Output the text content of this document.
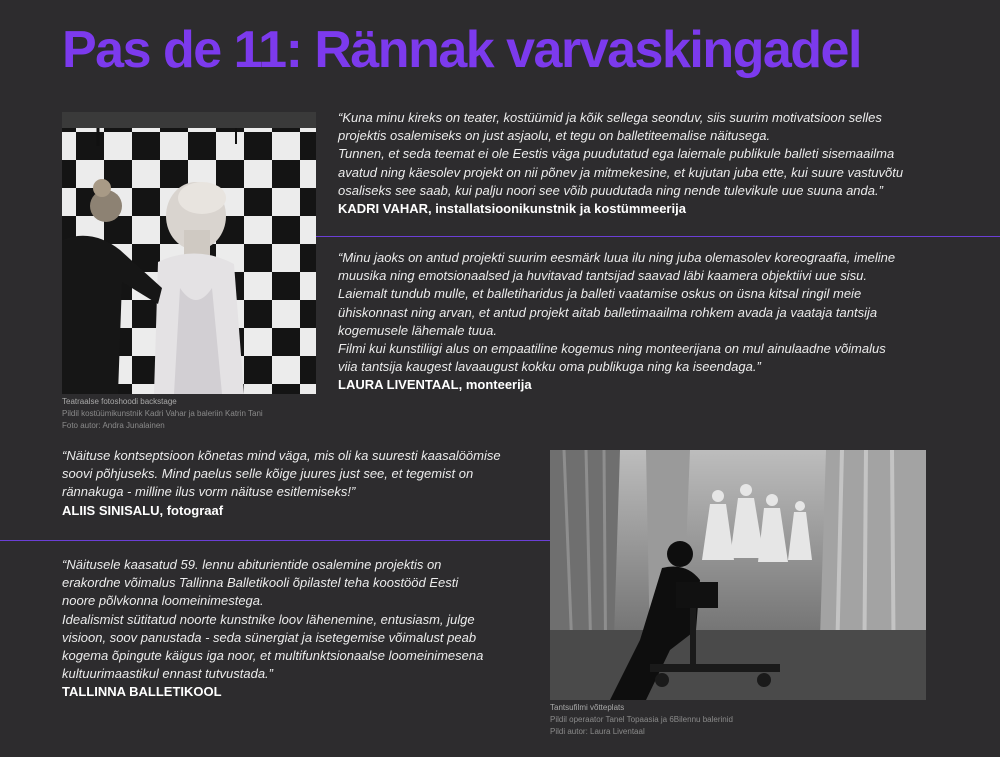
Pas de 11: Rännak varvaskingadel
Teatraalse fotoshoodi backstage
Pildil kostüümikunstnik Kadri Vahar ja baleriin Katrin Tani
Foto autor: Andra Junalainen
“Kuna minu kireks on teater, kostüümid ja kõik sellega seonduv, siis suurim motivatsioon selles
projektis osalemiseks on just asjaolu, et tegu on balletiteemalise näitusega.
Tunnen, et seda teemat ei ole Eestis väga puudutatud ega laiemale publikule balleti sisemaailma
avatud ning käesolev projekt on nii põnev ja mitmekesine, et kujutan juba ette, kui suure vastuvõtu
osaliseks see saab, kui palju noori see võib puudutada ning nende tulevikule uue suuna anda.”
KADRI VAHAR, installatsioonikunstnik ja kostümmeerija
“Minu jaoks on antud projekti suurim eesmärk luua ilu ning juba olemasolev koreograafia, imeline
muusika ning emotsionaalsed ja huvitavad tantsijad saavad läbi kaamera objektiivi uue sisu.
Laiemalt tundub mulle, et balletiharidus ja balleti vaatamise oskus on üsna kitsal ringil meie
ühiskonnast ning arvan, et antud projekt aitab balletimaailma rohkem avada ja vaataja tantsija
kogemusele lähemale tuua.
Filmi kui kunstiliigi alus on empaatiline kogemus ning monteerijana on mul ainulaadne võimalus
viia tantsija kaugest lavaaugust kokku oma publikuga ning ka iseendaga.”
LAURA LIVENTAAL, monteerija
“Näituse kontseptsioon kõnetas mind väga, mis oli ka suuresti kaasalöömise
soovi põhjuseks. Mind paelus selle kõige juures just see, et tegemist on
rännakuga - milline ilus vorm näituse esitlemiseks!”
ALIIS SINISALU, fotograaf
“Näitusele kaasatud 59. lennu abiturientide osalemine projektis on
erakordne võimalus Tallinna Balletikooli õpilastel teha koostööd Eesti
noore põlvkonna loomeinimestega.
Idealismist sütitatud noorte kunstnike loov lähenemine, entusiasm, julge
visioon, soov panustada - seda sünergiat ja isetegemise võimalust peab
kogema õpingute käigus iga noor, et multifunktsionaalse loomeinimesena
kultuurimaastikul ennast tutvustada.”
TALLINNA BALLETIKOOL
Tantsufilmi võtteplats
Pildil operaator Tanel Topaasia ja 6Bilennu balerinid
Pildi autor: Laura Liventaal
